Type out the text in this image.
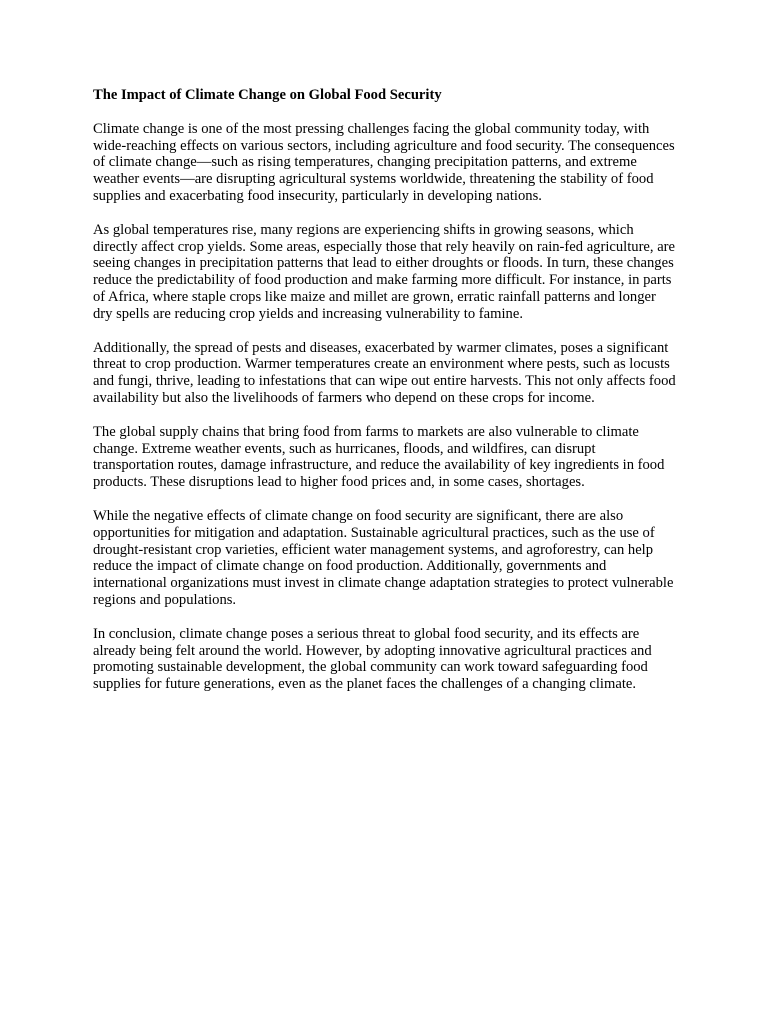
The Impact of Climate Change on Global Food Security

Climate change is one of the most pressing challenges facing the global community today, with wide-reaching effects on various sectors, including agriculture and food security. The consequences of climate change—such as rising temperatures, changing precipitation patterns, and extreme weather events—are disrupting agricultural systems worldwide, threatening the stability of food supplies and exacerbating food insecurity, particularly in developing nations.

As global temperatures rise, many regions are experiencing shifts in growing seasons, which directly affect crop yields. Some areas, especially those that rely heavily on rain-fed agriculture, are seeing changes in precipitation patterns that lead to either droughts or floods. In turn, these changes reduce the predictability of food production and make farming more difficult. For instance, in parts of Africa, where staple crops like maize and millet are grown, erratic rainfall patterns and longer dry spells are reducing crop yields and increasing vulnerability to famine.

Additionally, the spread of pests and diseases, exacerbated by warmer climates, poses a significant threat to crop production. Warmer temperatures create an environment where pests, such as locusts and fungi, thrive, leading to infestations that can wipe out entire harvests. This not only affects food availability but also the livelihoods of farmers who depend on these crops for income.

The global supply chains that bring food from farms to markets are also vulnerable to climate change. Extreme weather events, such as hurricanes, floods, and wildfires, can disrupt transportation routes, damage infrastructure, and reduce the availability of key ingredients in food products. These disruptions lead to higher food prices and, in some cases, shortages.

While the negative effects of climate change on food security are significant, there are also opportunities for mitigation and adaptation. Sustainable agricultural practices, such as the use of drought-resistant crop varieties, efficient water management systems, and agroforestry, can help reduce the impact of climate change on food production. Additionally, governments and international organizations must invest in climate change adaptation strategies to protect vulnerable regions and populations.

In conclusion, climate change poses a serious threat to global food security, and its effects are already being felt around the world. However, by adopting innovative agricultural practices and promoting sustainable development, the global community can work toward safeguarding food supplies for future generations, even as the planet faces the challenges of a changing climate.
